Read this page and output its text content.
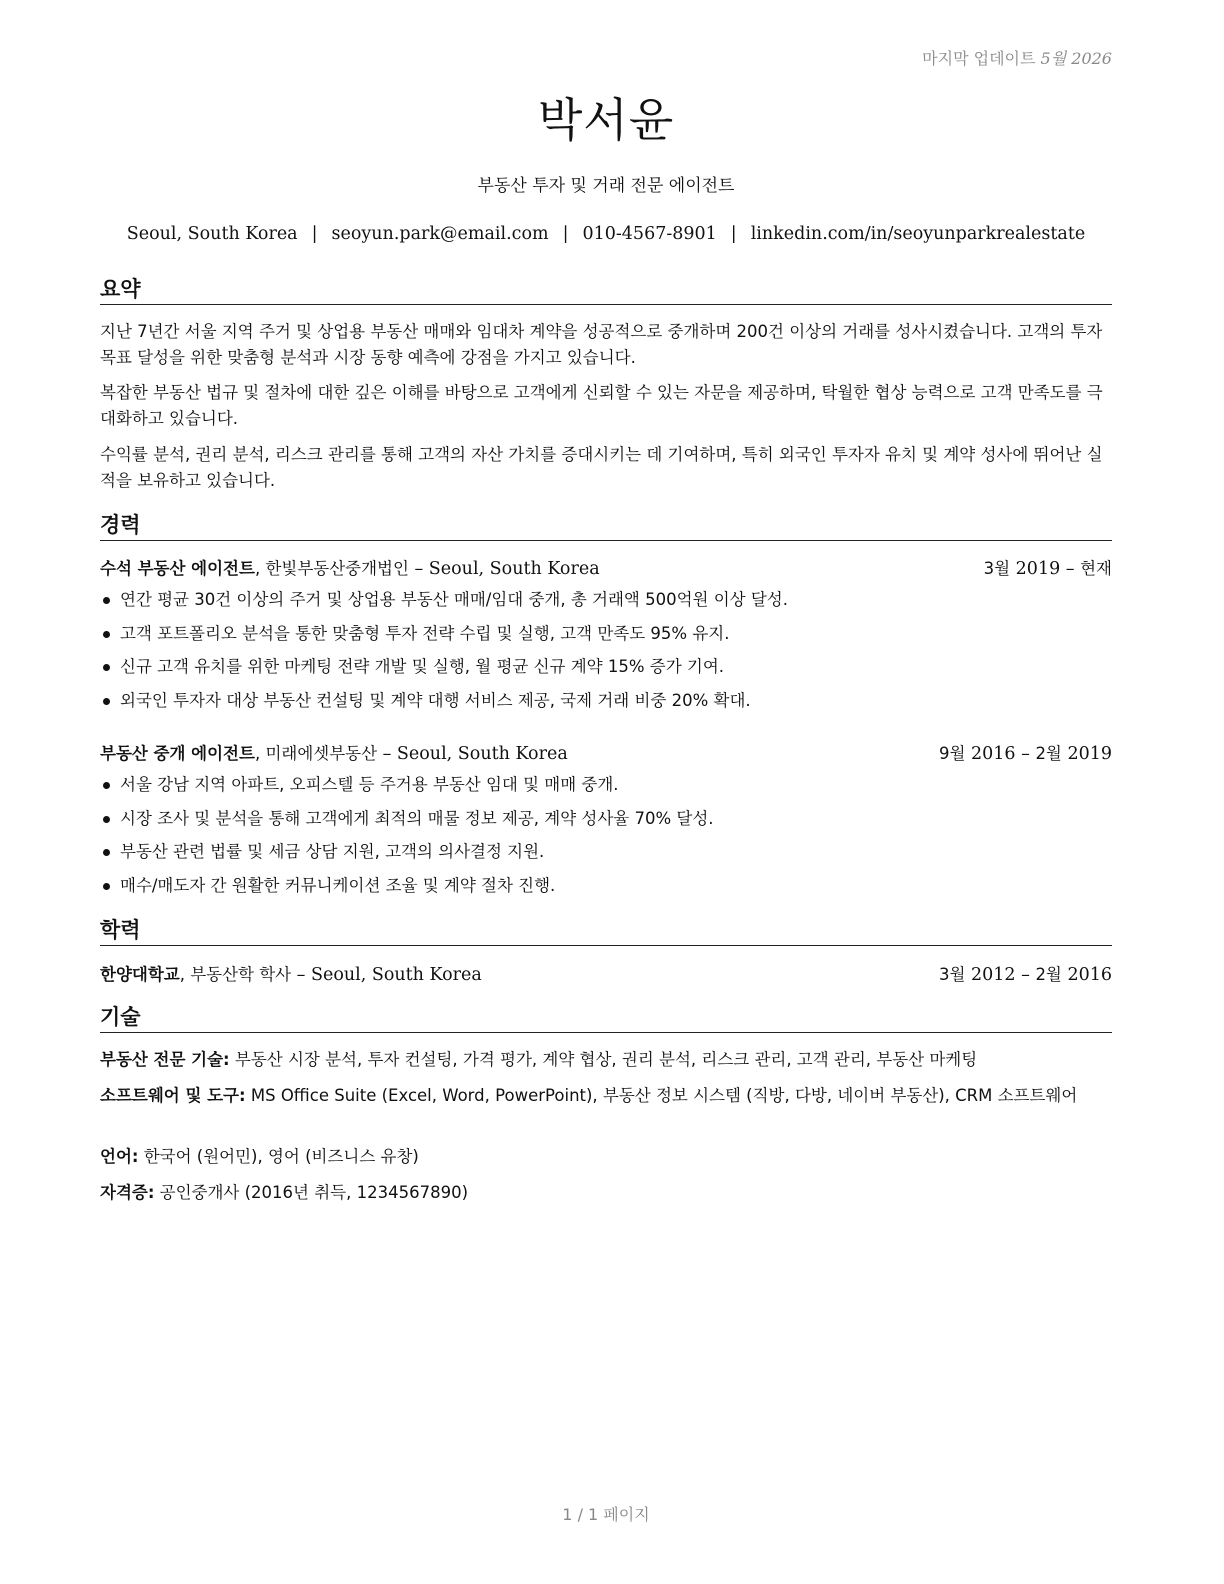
마지막 업데이트 5월 2026
박서윤
부동산 투자 및 거래 전문 에이전트
Seoul, South Korea | seoyun.park@email.com | 010-4567-8901 | linkedin.com/in/seoyunparkrealestate
요약
지난 7년간 서울 지역 주거 및 상업용 부동산 매매와 임대차 계약을 성공적으로 중개하며 200건 이상의 거래를 성사시켰습니다. 고객의 투자 목표 달성을 위한 맞춤형 분석과 시장 동향 예측에 강점을 가지고 있습니다.
복잡한 부동산 법규 및 절차에 대한 깊은 이해를 바탕으로 고객에게 신뢰할 수 있는 자문을 제공하며, 탁월한 협상 능력으로 고객 만족도를 극대화하고 있습니다.
수익률 분석, 권리 분석, 리스크 관리를 통해 고객의 자산 가치를 증대시키는 데 기여하며, 특히 외국인 투자자 유치 및 계약 성사에 뛰어난 실적을 보유하고 있습니다.
경력
수석 부동산 에이전트, 한빛부동산중개법인 – Seoul, South Korea	3월 2019 – 현재
연간 평균 30건 이상의 주거 및 상업용 부동산 매매/임대 중개, 총 거래액 500억원 이상 달성.
고객 포트폴리오 분석을 통한 맞춤형 투자 전략 수립 및 실행, 고객 만족도 95% 유지.
신규 고객 유치를 위한 마케팅 전략 개발 및 실행, 월 평균 신규 계약 15% 증가 기여.
외국인 투자자 대상 부동산 컨설팅 및 계약 대행 서비스 제공, 국제 거래 비중 20% 확대.
부동산 중개 에이전트, 미래에셋부동산 – Seoul, South Korea	9월 2016 – 2월 2019
서울 강남 지역 아파트, 오피스텔 등 주거용 부동산 임대 및 매매 중개.
시장 조사 및 분석을 통해 고객에게 최적의 매물 정보 제공, 계약 성사율 70% 달성.
부동산 관련 법률 및 세금 상담 지원, 고객의 의사결정 지원.
매수/매도자 간 원활한 커뮤니케이션 조율 및 계약 절차 진행.
학력
한양대학교, 부동산학 학사 – Seoul, South Korea	3월 2012 – 2월 2016
기술
부동산 전문 기술: 부동산 시장 분석, 투자 컨설팅, 가격 평가, 계약 협상, 권리 분석, 리스크 관리, 고객 관리, 부동산 마케팅
소프트웨어 및 도구: MS Office Suite (Excel, Word, PowerPoint), 부동산 정보 시스템 (직방, 다방, 네이버 부동산), CRM 소프트웨어
언어: 한국어 (원어민), 영어 (비즈니스 유창)
자격증: 공인중개사 (2016년 취득, 1234567890)
1 / 1 페이지
